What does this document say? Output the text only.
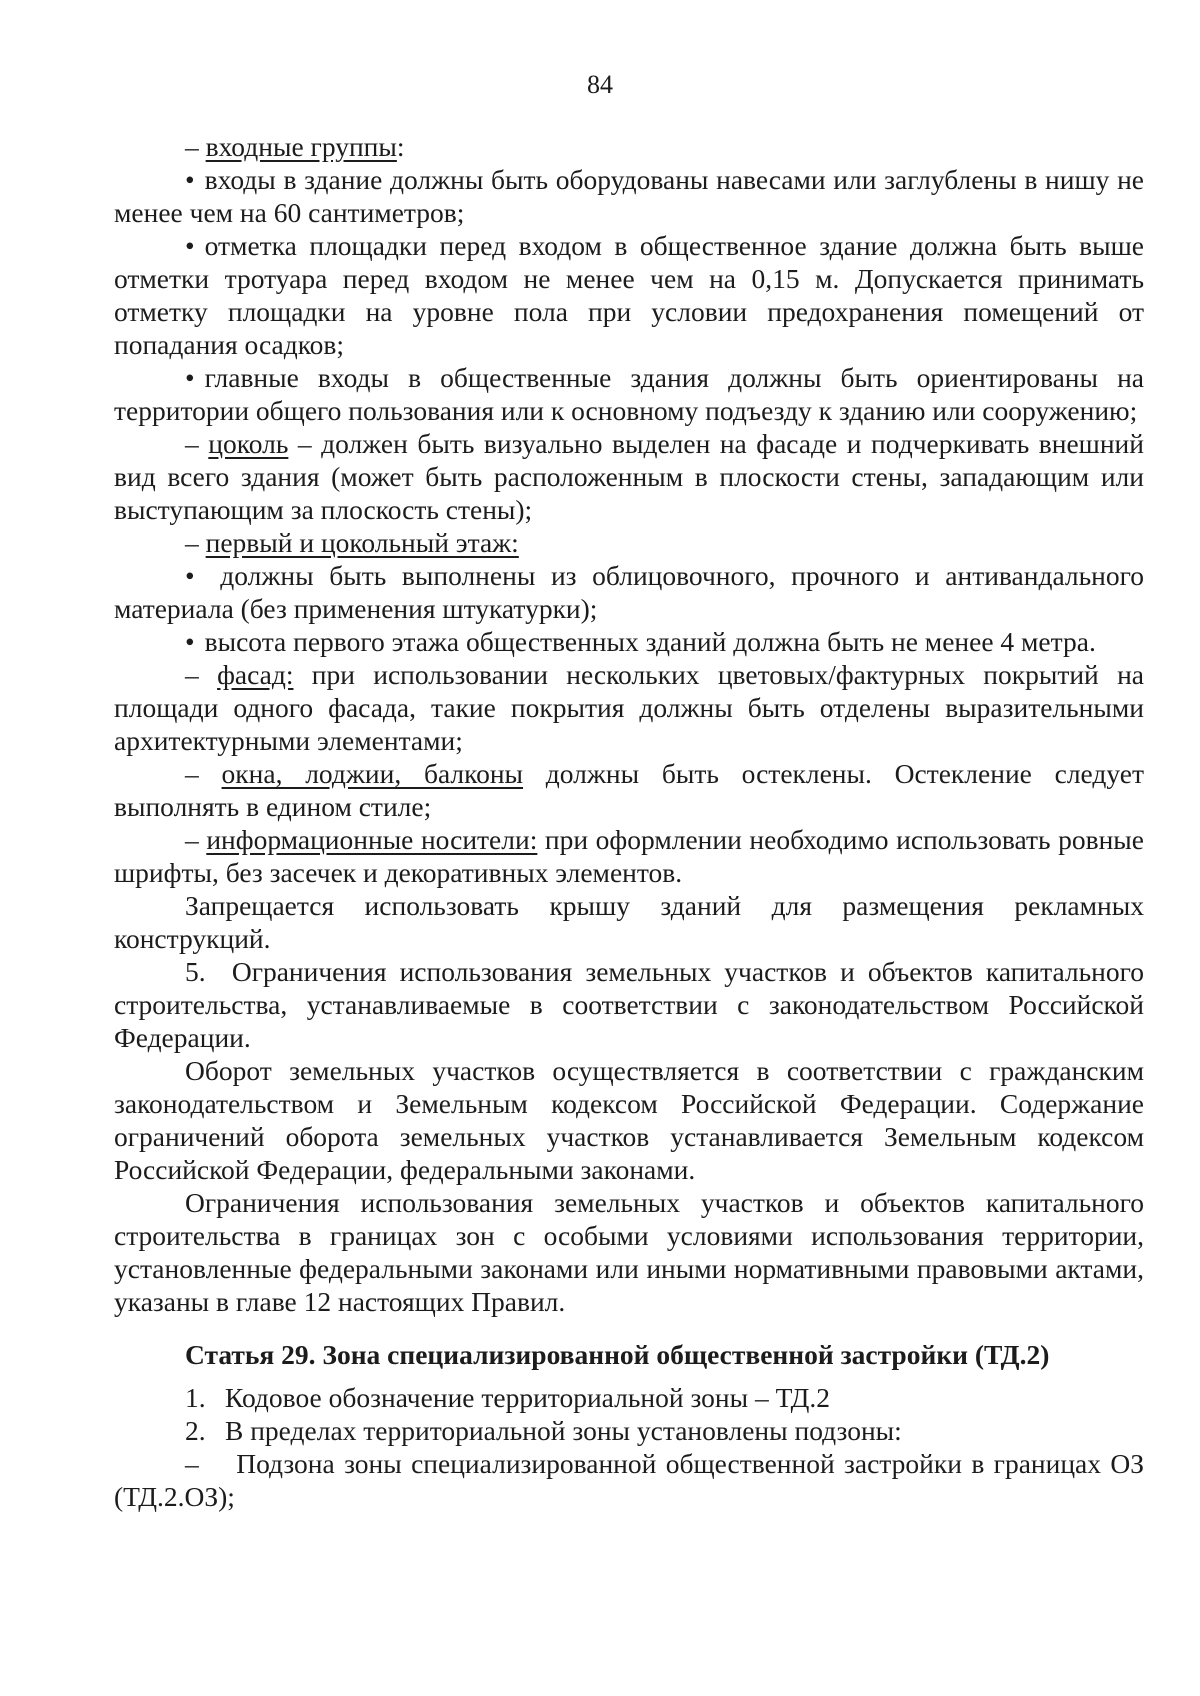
84

– входные группы:

• входы в здание должны быть оборудованы навесами или заглублены в нишу не менее чем на 60 сантиметров;

• отметка площадки перед входом в общественное здание должна быть выше отметки тротуара перед входом не менее чем на 0,15 м. Допускается принимать отметку площадки на уровне пола при условии предохранения помещений от попадания осадков;

• главные входы в общественные здания должны быть ориентированы на территории общего пользования или к основному подъезду к зданию или сооружению;

– цоколь – должен быть визуально выделен на фасаде и подчеркивать внешний вид всего здания (может быть расположенным в плоскости стены, западающим или выступающим за плоскость стены);

– первый и цокольный этаж:

• должны быть выполнены из облицовочного, прочного и антивандального материала (без применения штукатурки);

• высота первого этажа общественных зданий должна быть не менее 4 метра.

– фасад: при использовании нескольких цветовых/фактурных покрытий на площади одного фасада, такие покрытия должны быть отделены выразительными архитектурными элементами;

– окна, лоджии, балконы должны быть остеклены. Остекление следует выполнять в едином стиле;

– информационные носители: при оформлении необходимо использовать ровные шрифты, без засечек и декоративных элементов.

Запрещается использовать крышу зданий для размещения рекламных конструкций.

5. Ограничения использования земельных участков и объектов капитального строительства, устанавливаемые в соответствии с законодательством Российской Федерации.

Оборот земельных участков осуществляется в соответствии с гражданским законодательством и Земельным кодексом Российской Федерации. Содержание ограничений оборота земельных участков устанавливается Земельным кодексом Российской Федерации, федеральными законами.

Ограничения использования земельных участков и объектов капитального строительства в границах зон с особыми условиями использования территории, установленные федеральными законами или иными нормативными правовыми актами, указаны в главе 12 настоящих Правил.

Статья 29. Зона специализированной общественной застройки (ТД.2)

1. Кодовое обозначение территориальной зоны – ТД.2
2. В пределах территориальной зоны установлены подзоны:

– Подзона зоны специализированной общественной застройки в границах ОЗ (ТД.2.ОЗ);
